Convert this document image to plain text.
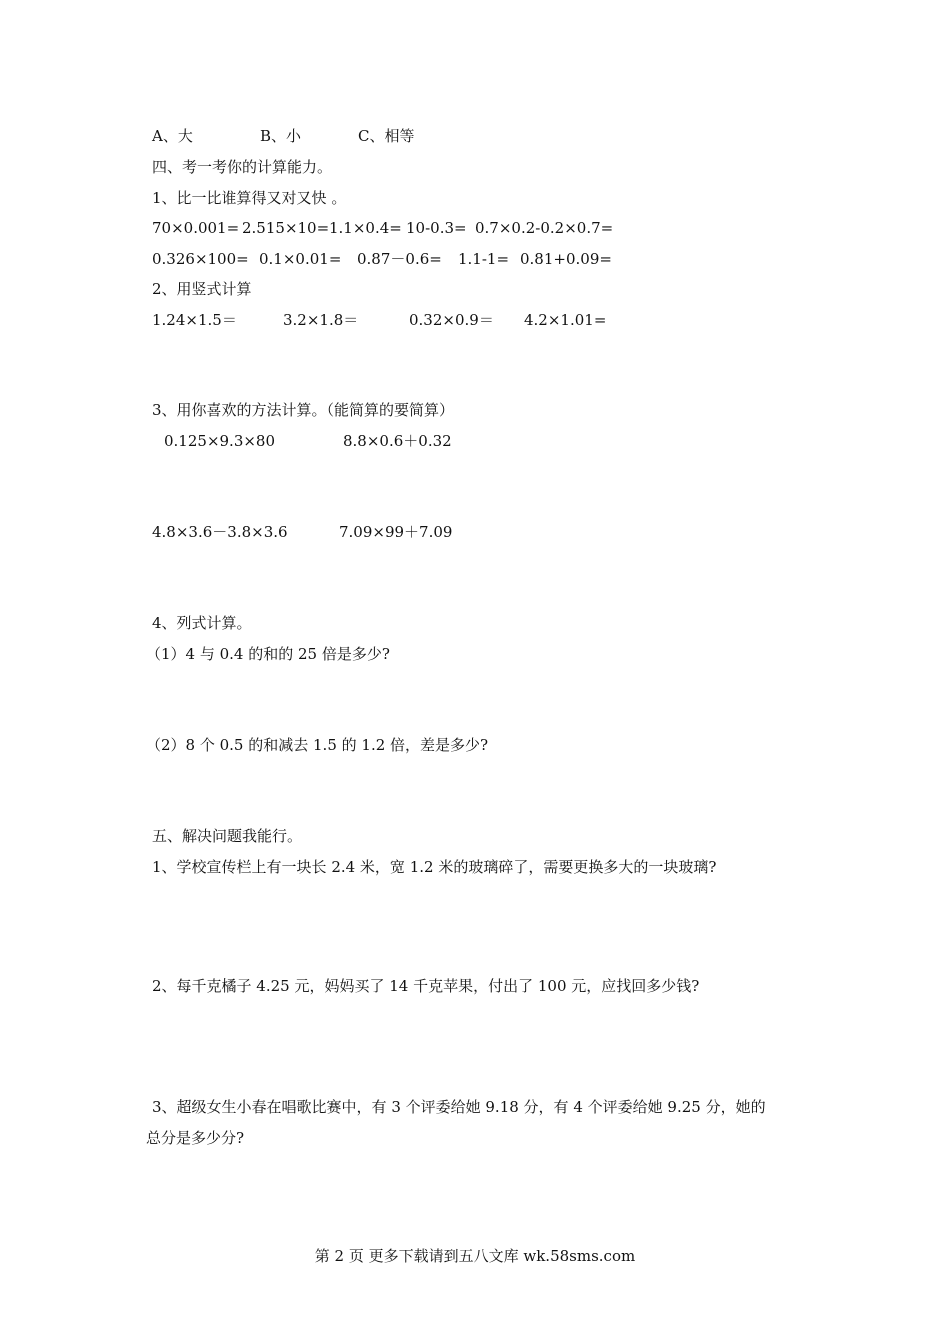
A、大	B、小	C、相等
四、考一考你的计算能力。
1、比一比谁算得又对又快 。
70×0.001= 2.515×10= 1.1×0.4= 10-0.3= 0.7×0.2-0.2×0.7=
0.326×100= 0.1×0.01= 0.87－0.6= 1.1-1= 0.81+0.09=
2、用竖式计算
1.24×1.5＝	3.2×1.8＝	0.32×0.9＝ 4.2×1.01=
3、用你喜欢的方法计算。（能简算的要简算）
0.125×9.3×80	8.8×0.6＋0.32
4.8×3.6－3.8×3.6	7.09×99＋7.09
4、列式计算。
（1）4 与 0.4 的和的 25 倍是多少?
（2）8 个 0.5 的和减去 1.5 的 1.2 倍，差是多少?
五、解决问题我能行。
1、学校宣传栏上有一块长 2.4 米，宽 1.2 米的玻璃碎了，需要更换多大的一块玻璃?
2、每千克橘子 4.25 元，妈妈买了 14 千克苹果，付出了 100 元，应找回多少钱?
3、超级女生小春在唱歌比赛中，有 3 个评委给她 9.18 分，有 4 个评委给她 9.25 分，她的
总分是多少分?
第 2 页 更多下载请到五八文库 wk.58sms.com
